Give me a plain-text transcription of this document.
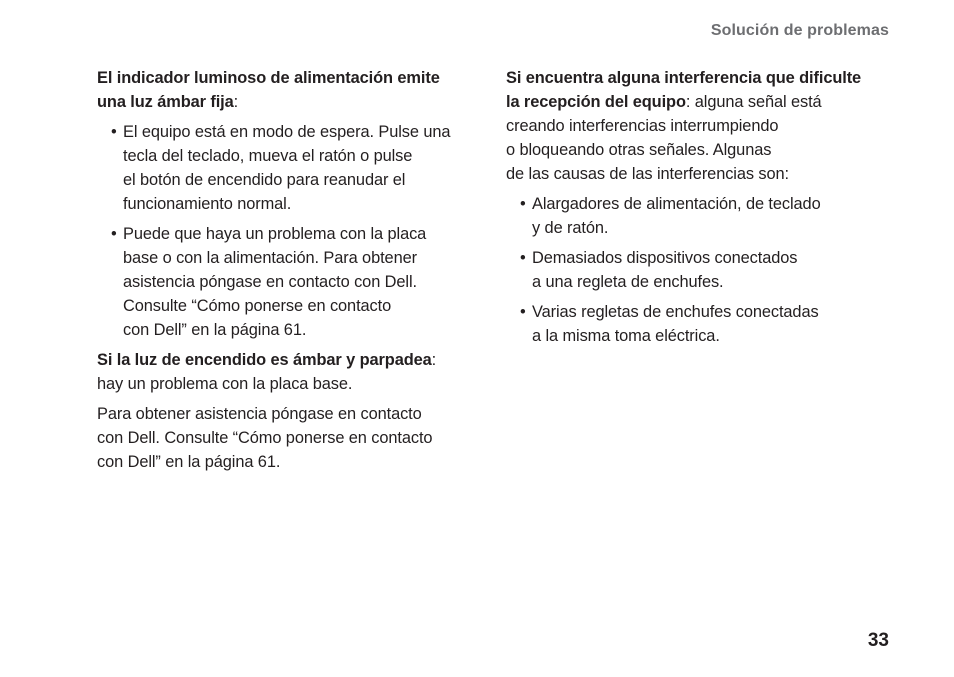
Solución de problemas

El indicador luminoso de alimentación emite
una luz ámbar fija:

• El equipo está en modo de espera. Pulse una
tecla del teclado, mueva el ratón o pulse
el botón de encendido para reanudar el
funcionamiento normal.
• Puede que haya un problema con la placa
base o con la alimentación. Para obtener
asistencia póngase en contacto con Dell.
Consulte “Cómo ponerse en contacto
con Dell” en la página 61.

Si la luz de encendido es ámbar y parpadea:
hay un problema con la placa base.

Para obtener asistencia póngase en contacto
con Dell. Consulte “Cómo ponerse en contacto
con Dell” en la página 61.

Si encuentra alguna interferencia que dificulte
la recepción del equipo: alguna señal está
creando interferencias interrumpiendo
o bloqueando otras señales. Algunas
de las causas de las interferencias son:

• Alargadores de alimentación, de teclado
y de ratón.
• Demasiados dispositivos conectados
a una regleta de enchufes.
• Varias regletas de enchufes conectadas
a la misma toma eléctrica.
33
